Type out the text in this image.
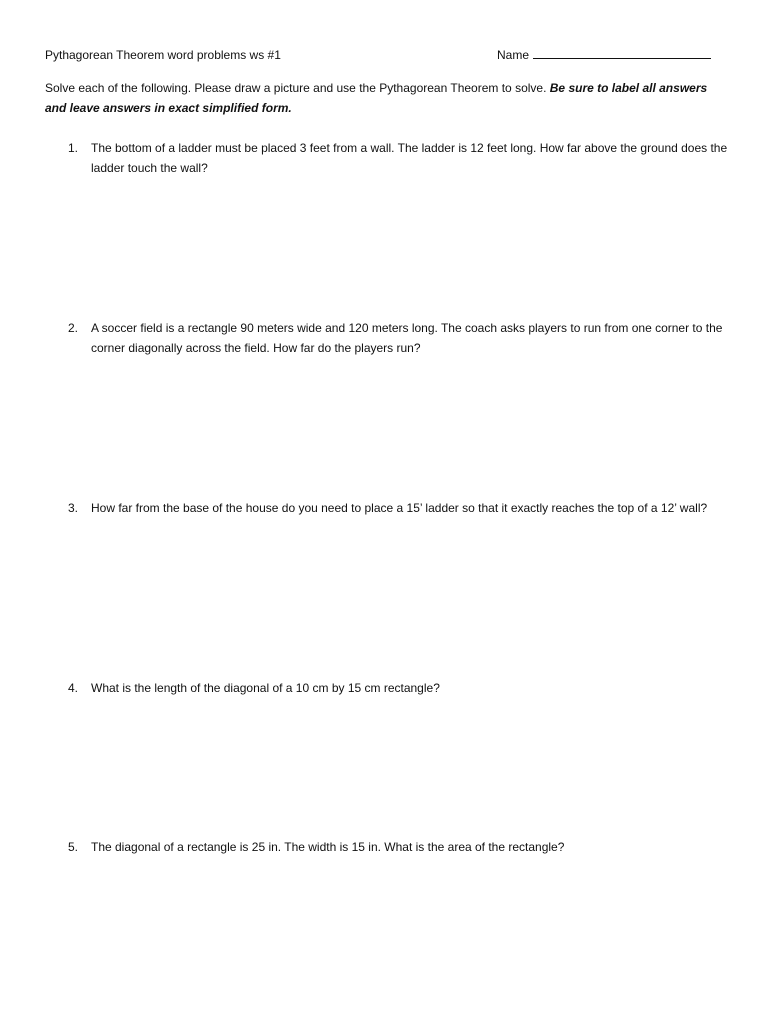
Pythagorean Theorem word problems ws #1	Name
Solve each of the following. Please draw a picture and use the Pythagorean Theorem to solve. Be sure to label all answers and leave answers in exact simplified form.
1.	The bottom of a ladder must be placed 3 feet from a wall. The ladder is 12 feet long. How far above the ground does the ladder touch the wall?
2.	A soccer field is a rectangle 90 meters wide and 120 meters long. The coach asks players to run from one corner to the corner diagonally across the field. How far do the players run?
3.	How far from the base of the house do you need to place a 15’ ladder so that it exactly reaches the top of a 12’ wall?
4.	What is the length of the diagonal of a 10 cm by 15 cm rectangle?
5.	The diagonal of a rectangle is 25 in. The width is 15 in. What is the area of the rectangle?
